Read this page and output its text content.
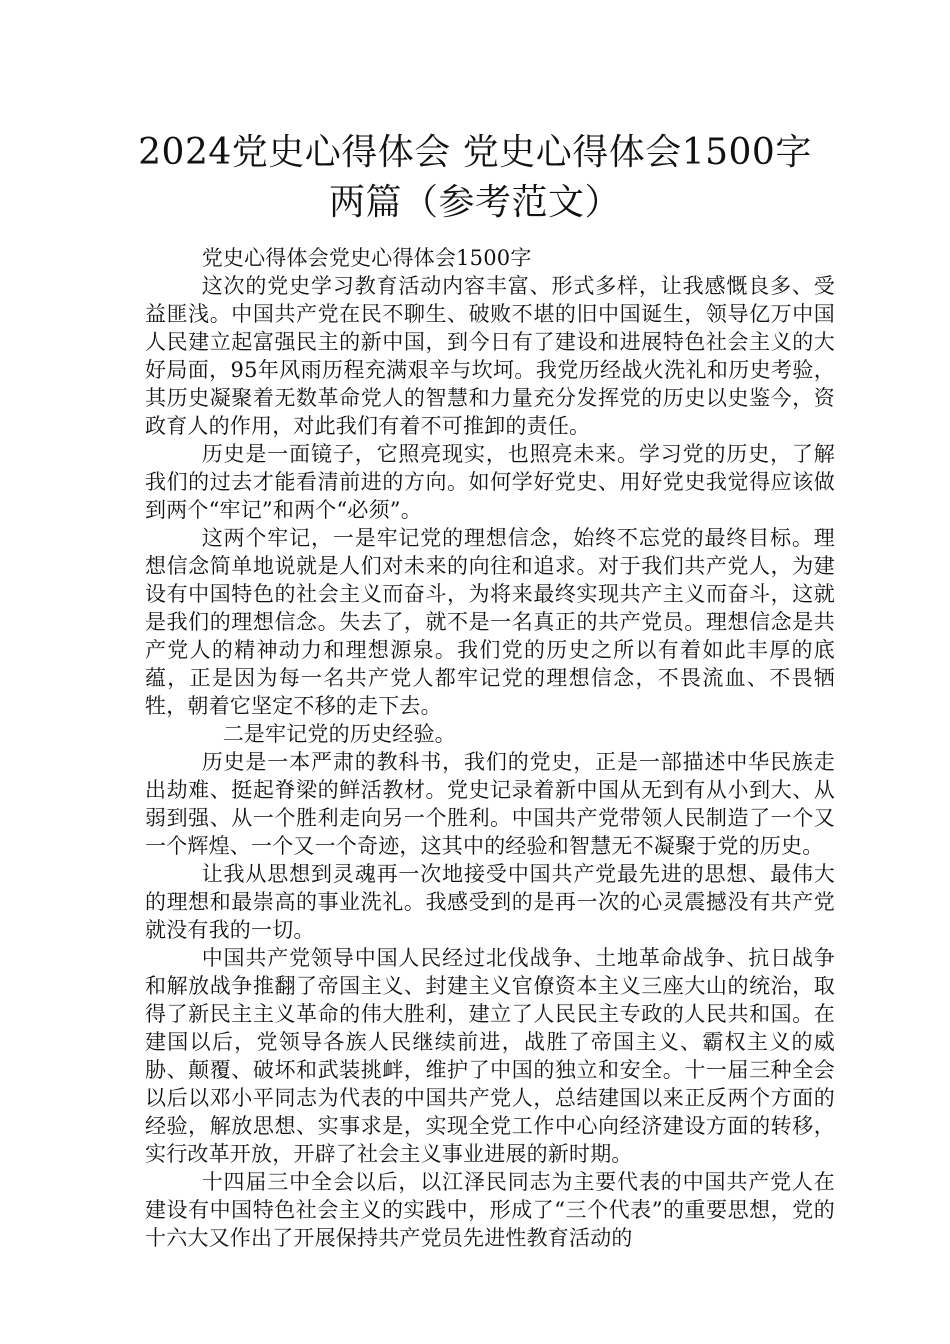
2024党史心得体会 党史心得体会1500字
两篇（参考范文）

党史心得体会党史心得体会1500字

这次的党史学习教育活动内容丰富、形式多样，让我感慨良多、受益匪浅。中国共产党在民不聊生、破败不堪的旧中国诞生，领导亿万中国人民建立起富强民主的新中国，到今日有了建设和进展特色社会主义的大好局面，95年风雨历程充满艰辛与坎坷。我党历经战火洗礼和历史考验，其历史凝聚着无数革命党人的智慧和力量充分发挥党的历史以史鉴今，资政育人的作用，对此我们有着不可推卸的责任。

历史是一面镜子，它照亮现实，也照亮未来。学习党的历史，了解我们的过去才能看清前进的方向。如何学好党史、用好党史我觉得应该做到两个“牢记”和两个“必须”。

这两个牢记，一是牢记党的理想信念，始终不忘党的最终目标。理想信念简单地说就是人们对未来的向往和追求。对于我们共产党人，为建设有中国特色的社会主义而奋斗，为将来最终实现共产主义而奋斗，这就是我们的理想信念。失去了，就不是一名真正的共产党员。理想信念是共产党人的精神动力和理想源泉。我们党的历史之所以有着如此丰厚的底蕴，正是因为每一名共产党人都牢记党的理想信念，不畏流血、不畏牺牲，朝着它坚定不移的走下去。

二是牢记党的历史经验。

历史是一本严肃的教科书，我们的党史，正是一部描述中华民族走出劫难、挺起脊梁的鲜活教材。党史记录着新中国从无到有从小到大、从弱到强、从一个胜利走向另一个胜利。中国共产党带领人民制造了一个又一个辉煌、一个又一个奇迹，这其中的经验和智慧无不凝聚于党的历史。

让我从思想到灵魂再一次地接受中国共产党最先进的思想、最伟大的理想和最崇高的事业洗礼。我感受到的是再一次的心灵震撼没有共产党就没有我的一切。

中国共产党领导中国人民经过北伐战争、土地革命战争、抗日战争和解放战争推翻了帝国主义、封建主义官僚资本主义三座大山的统治，取得了新民主主义革命的伟大胜利，建立了人民民主专政的人民共和国。在建国以后，党领导各族人民继续前进，战胜了帝国主义、霸权主义的威胁、颠覆、破坏和武装挑衅，维护了中国的独立和安全。十一届三种全会以后以邓小平同志为代表的中国共产党人，总结建国以来正反两个方面的经验，解放思想、实事求是，实现全党工作中心向经济建设方面的转移，实行改革开放，开辟了社会主义事业进展的新时期。

十四届三中全会以后，以江泽民同志为主要代表的中国共产党人在建设有中国特色社会主义的实践中，形成了“三个代表”的重要思想，党的十六大又作出了开展保持共产党员先进性教育活动的
